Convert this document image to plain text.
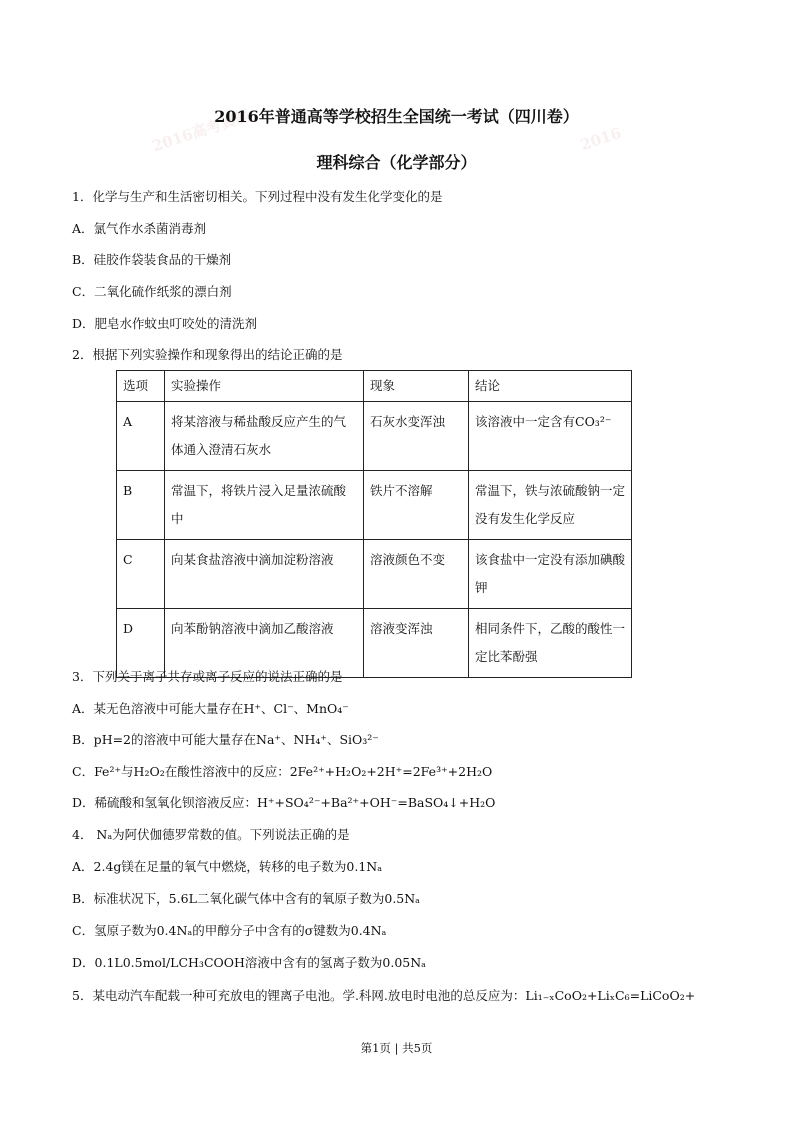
2016高考真题	2016
2016年普通高等学校招生全国统一考试（四川卷）
理科综合（化学部分）
1．化学与生产和生活密切相关。下列过程中没有发生化学变化的是
A．氯气作水杀菌消毒剂
B．硅胶作袋装食品的干燥剂
C．二氧化硫作纸浆的漂白剂
D．肥皂水作蚊虫叮咬处的清洗剂
2．根据下列实验操作和现象得出的结论正确的是
选项	实验操作	现象	结论
A	将某溶液与稀盐酸反应产生的气体通入澄清石灰水	石灰水变浑浊	该溶液中一定含有CO₃²⁻
B	常温下，将铁片浸入足量浓硫酸中	铁片不溶解	常温下，铁与浓硫酸钠一定没有发生化学反应
C	向某食盐溶液中滴加淀粉溶液	溶液颜色不变	该食盐中一定没有添加碘酸钾
D	向苯酚钠溶液中滴加乙酸溶液	溶液变浑浊	相同条件下，乙酸的酸性一定比苯酚强
3．下列关于离子共存或离子反应的说法正确的是
A．某无色溶液中可能大量存在H⁺、Cl⁻、MnO₄⁻
B．pH=2的溶液中可能大量存在Na⁺、NH₄⁺、SiO₃²⁻
C．Fe²⁺与H₂O₂在酸性溶液中的反应：2Fe²⁺+H₂O₂+2H⁺=2Fe³⁺+2H₂O
D．稀硫酸和氢氧化钡溶液反应：H⁺+SO₄²⁻+Ba²⁺+OH⁻=BaSO₄↓+H₂O
4． Nₐ为阿伏伽德罗常数的值。下列说法正确的是
A．2.4g镁在足量的氧气中燃烧，转移的电子数为0.1Nₐ
B．标准状况下，5.6L二氧化碳气体中含有的氧原子数为0.5Nₐ
C．氢原子数为0.4Nₐ的甲醇分子中含有的σ键数为0.4Nₐ
D．0.1L0.5mol/LCH₃COOH溶液中含有的氢离子数为0.05Nₐ
5．某电动汽车配载一种可充放电的锂离子电池。学.科网.放电时电池的总反应为：Li₁₋ₓCoO₂+LiₓC₆=LiCoO₂+
第1页 | 共5页
